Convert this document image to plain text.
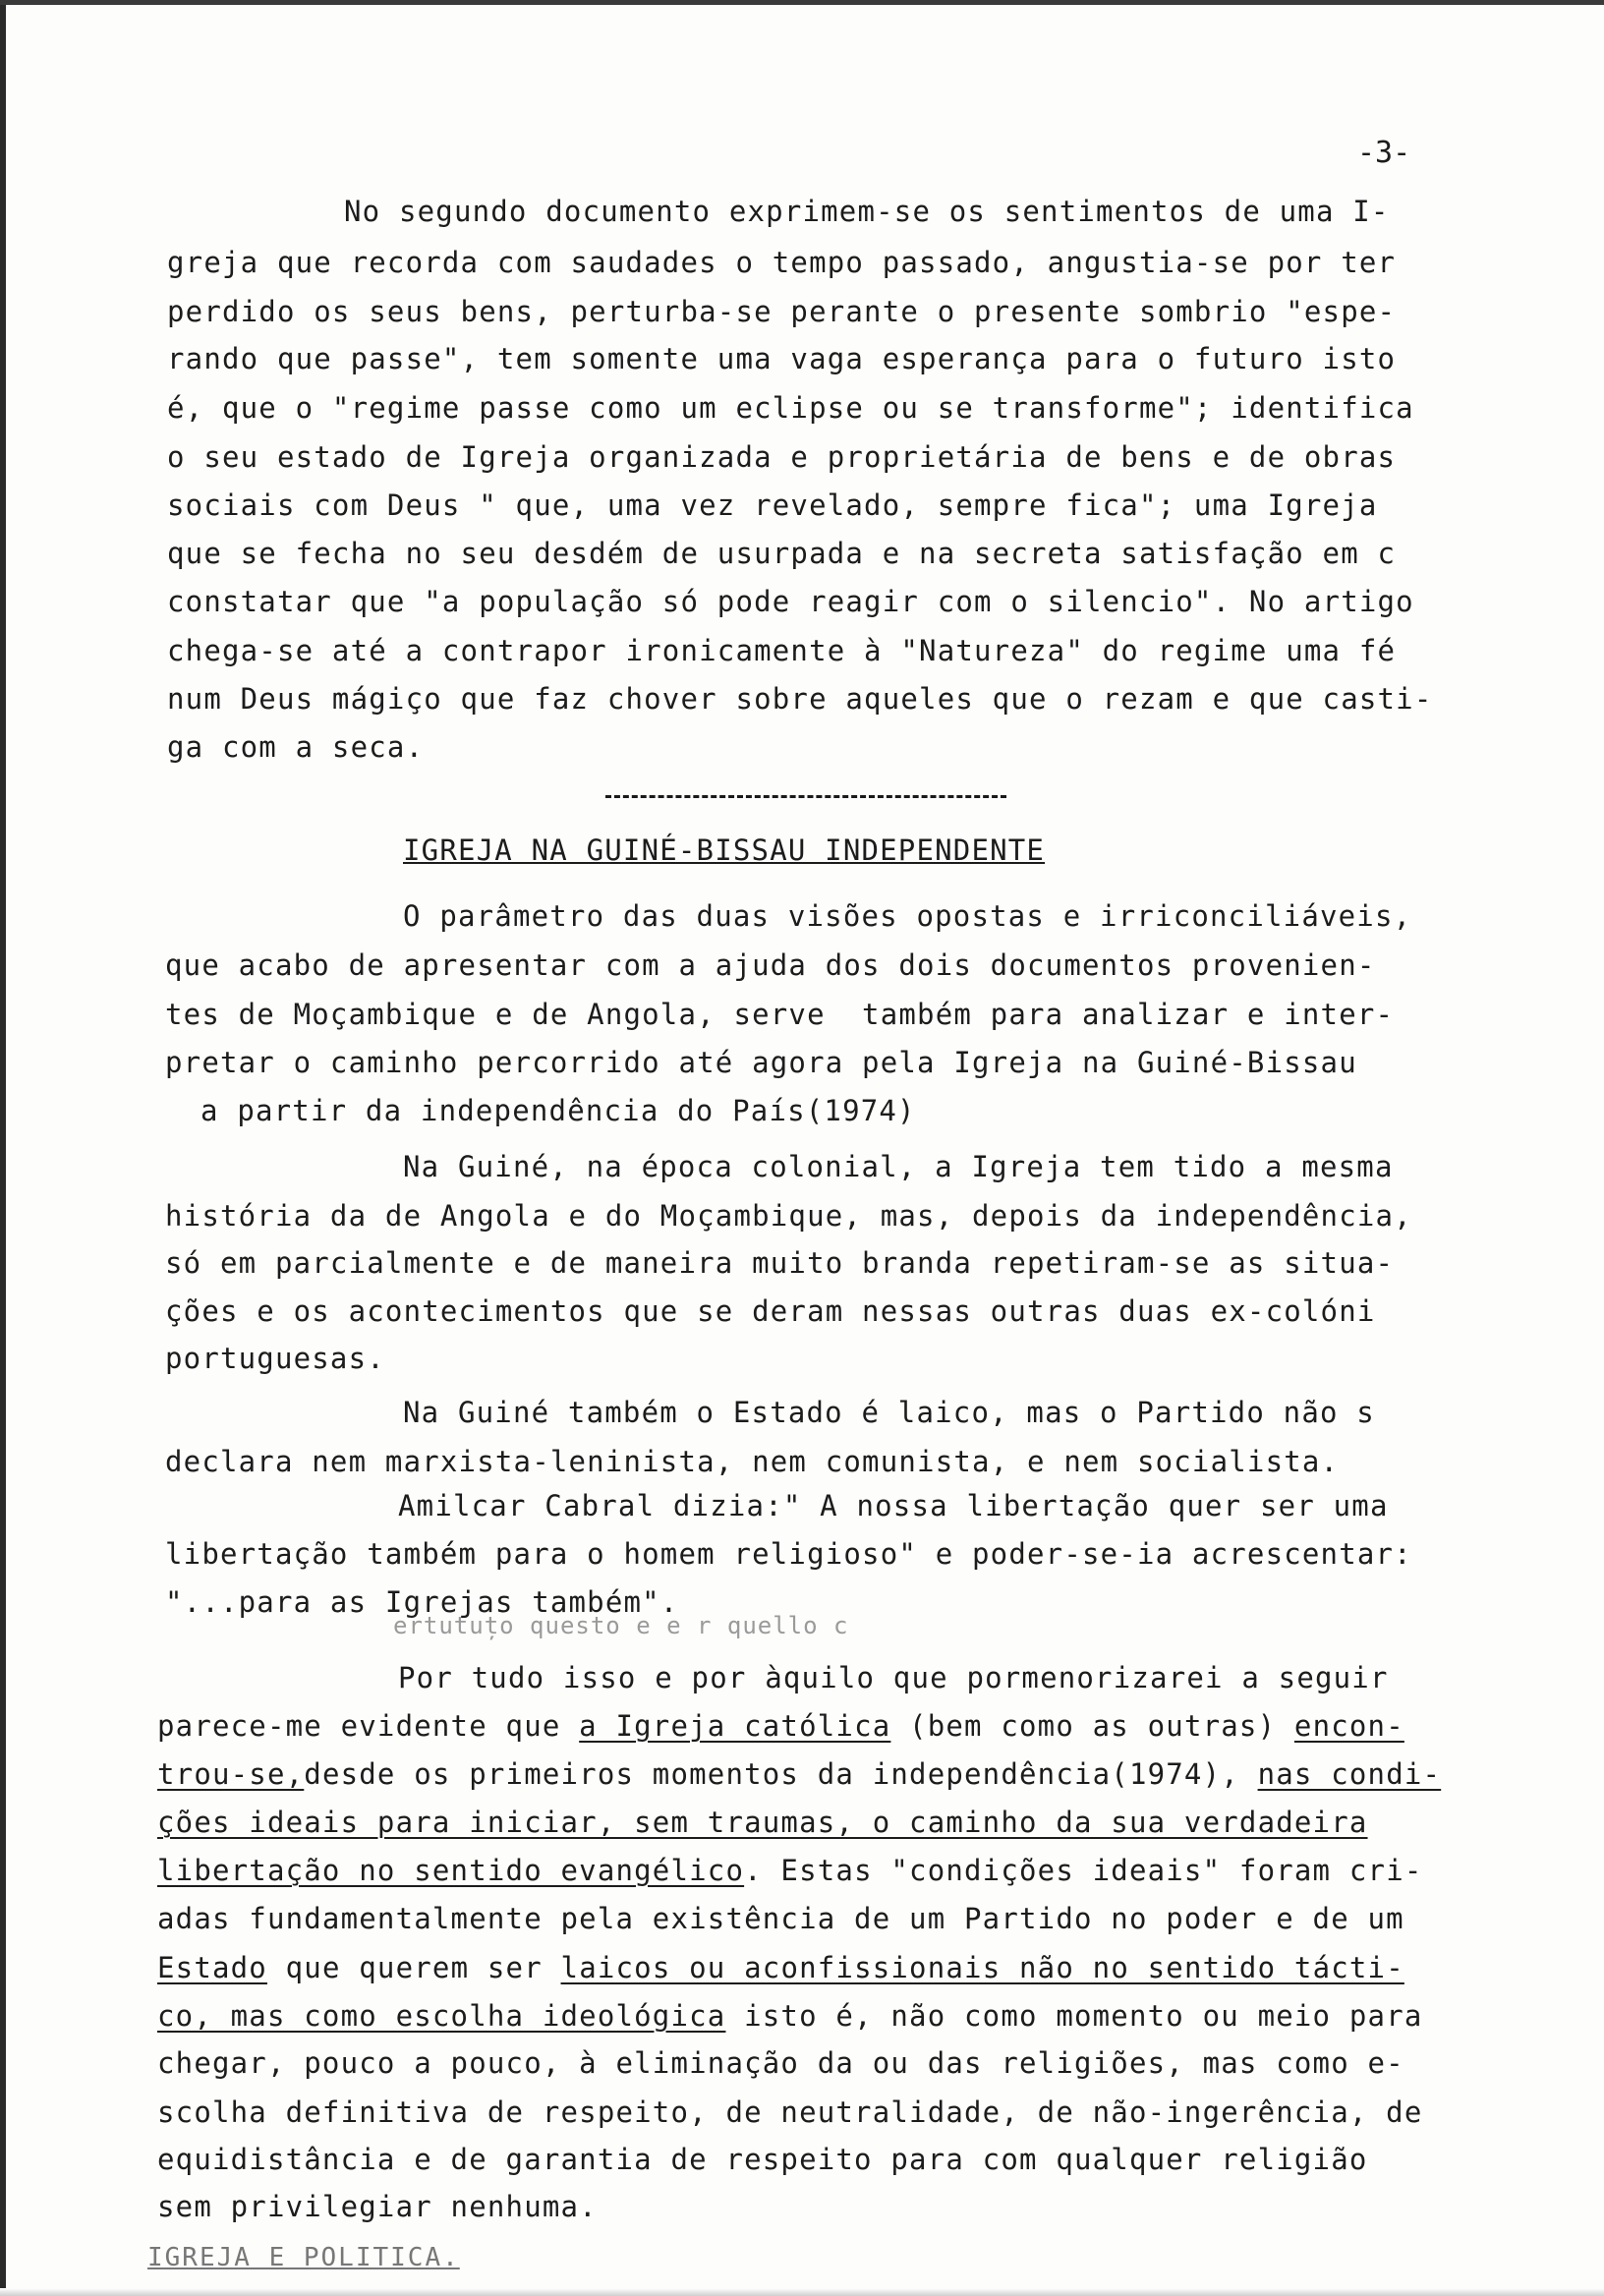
-3-
No segundo documento exprimem-se os sentimentos de uma I-
greja que recorda com saudades o tempo passado, angustia-se por ter
perdido os seus bens, perturba-se perante o presente sombrio "espe-
rando que passe", tem somente uma vaga esperança para o futuro isto
é, que o "regime passe como um eclipse ou se transforme"; identifica
o seu estado de Igreja organizada e proprietária de bens e de obras
sociais com Deus " que, uma vez revelado, sempre fica"; uma Igreja
que se fecha no seu desdém de usurpada e na secreta satisfação em c
constatar que "a população só pode reagir com o silencio". No artigo
chega-se até a contrapor ironicamente à "Natureza" do regime uma fé
num Deus mágiço que faz chover sobre aqueles que o rezam e que casti-
ga com a seca.
IGREJA NA GUINÉ-BISSAU INDEPENDENTE
O parâmetro das duas visões opostas e irriconciliáveis,
que acabo de apresentar com a ajuda dos dois documentos provenien-
tes de Moçambique e de Angola, serve  também para analizar e inter-
pretar o caminho percorrido até agora pela Igreja na Guiné-Bissau
a partir da independência do País(1974)
Na Guiné, na época colonial, a Igreja tem tido a mesma
história da de Angola e do Moçambique, mas, depois da independência,
só em parcialmente e de maneira muito branda repetiram-se as situa-
ções e os acontecimentos que se deram nessas outras duas ex-colóni
portuguesas.
Na Guiné também o Estado é laico, mas o Partido não s
declara nem marxista-leninista, nem comunista, e nem socialista.
Amilcar Cabral dizia:" A nossa libertação quer ser uma
libertação também para o homem religioso" e poder-se-ia acrescentar:
"...para as Igrejas também".
ertutuțo questo e e r quello c
Por tudo isso e por àquilo que pormenorizarei a seguir
parece-me evidente que a Igreja católica (bem como as outras) encon-
trou-se,desde os primeiros momentos da independência(1974), nas condi-
ções ideais para iniciar, sem traumas, o caminho da sua verdadeira
libertação no sentido evangélico. Estas "condições ideais" foram cri-
adas fundamentalmente pela existência de um Partido no poder e de um
Estado que querem ser laicos ou aconfissionais não no sentido tácti-
co, mas como escolha ideológica isto é, não como momento ou meio para
chegar, pouco a pouco, à eliminação da ou das religiões, mas como e-
scolha definitiva de respeito, de neutralidade, de não-ingerência, de
equidistância e de garantia de respeito para com qualquer religião
sem privilegiar nenhuma.
IGREJA E POLITICA.
